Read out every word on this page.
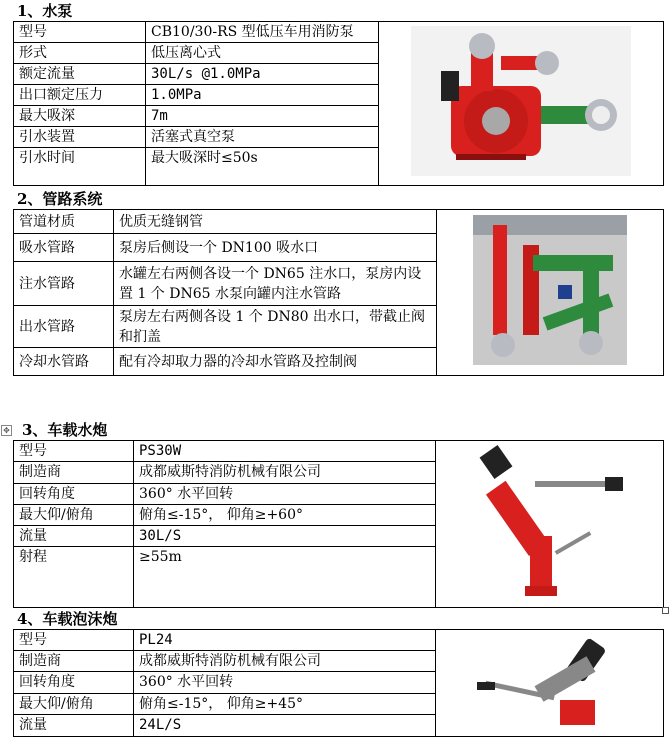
1、水泵
型号	CB10/30-RS 型低压车用消防泵	
形式	低压离心式	
额定流量	30L/s @1.0MPa	
出口额定压力	1.0MPa	
最大吸深	7m	
引水装置	活塞式真空泵	
引水时间	最大吸深时≤50s	
2、管路系统
管道材质	优质无缝钢管	
吸水管路	泵房后侧设一个 DN100 吸水口	
注水管路	水罐左右两侧各设一个 DN65 注水口，泵房内设置 1 个 DN65 水泵向罐内注水管路	
出水管路	泵房左右两侧各设 1 个 DN80 出水口，带截止阀和扪盖	
冷却水管路	配有冷却取力器的冷却水管路及控制阀	
✥ 3、车载水炮
型号	PS30W	
制造商	成都威斯特消防机械有限公司	
回转角度	360° 水平回转	
最大仰/俯角	俯角≤-15°， 仰角≥+60°	
流量	30L/S	
射程	≥55m	
4、车载泡沫炮
型号	PL24	
制造商	成都威斯特消防机械有限公司	
回转角度	360° 水平回转	
最大仰/俯角	俯角≤-15°， 仰角≥+45°	
流量	24L/S	
